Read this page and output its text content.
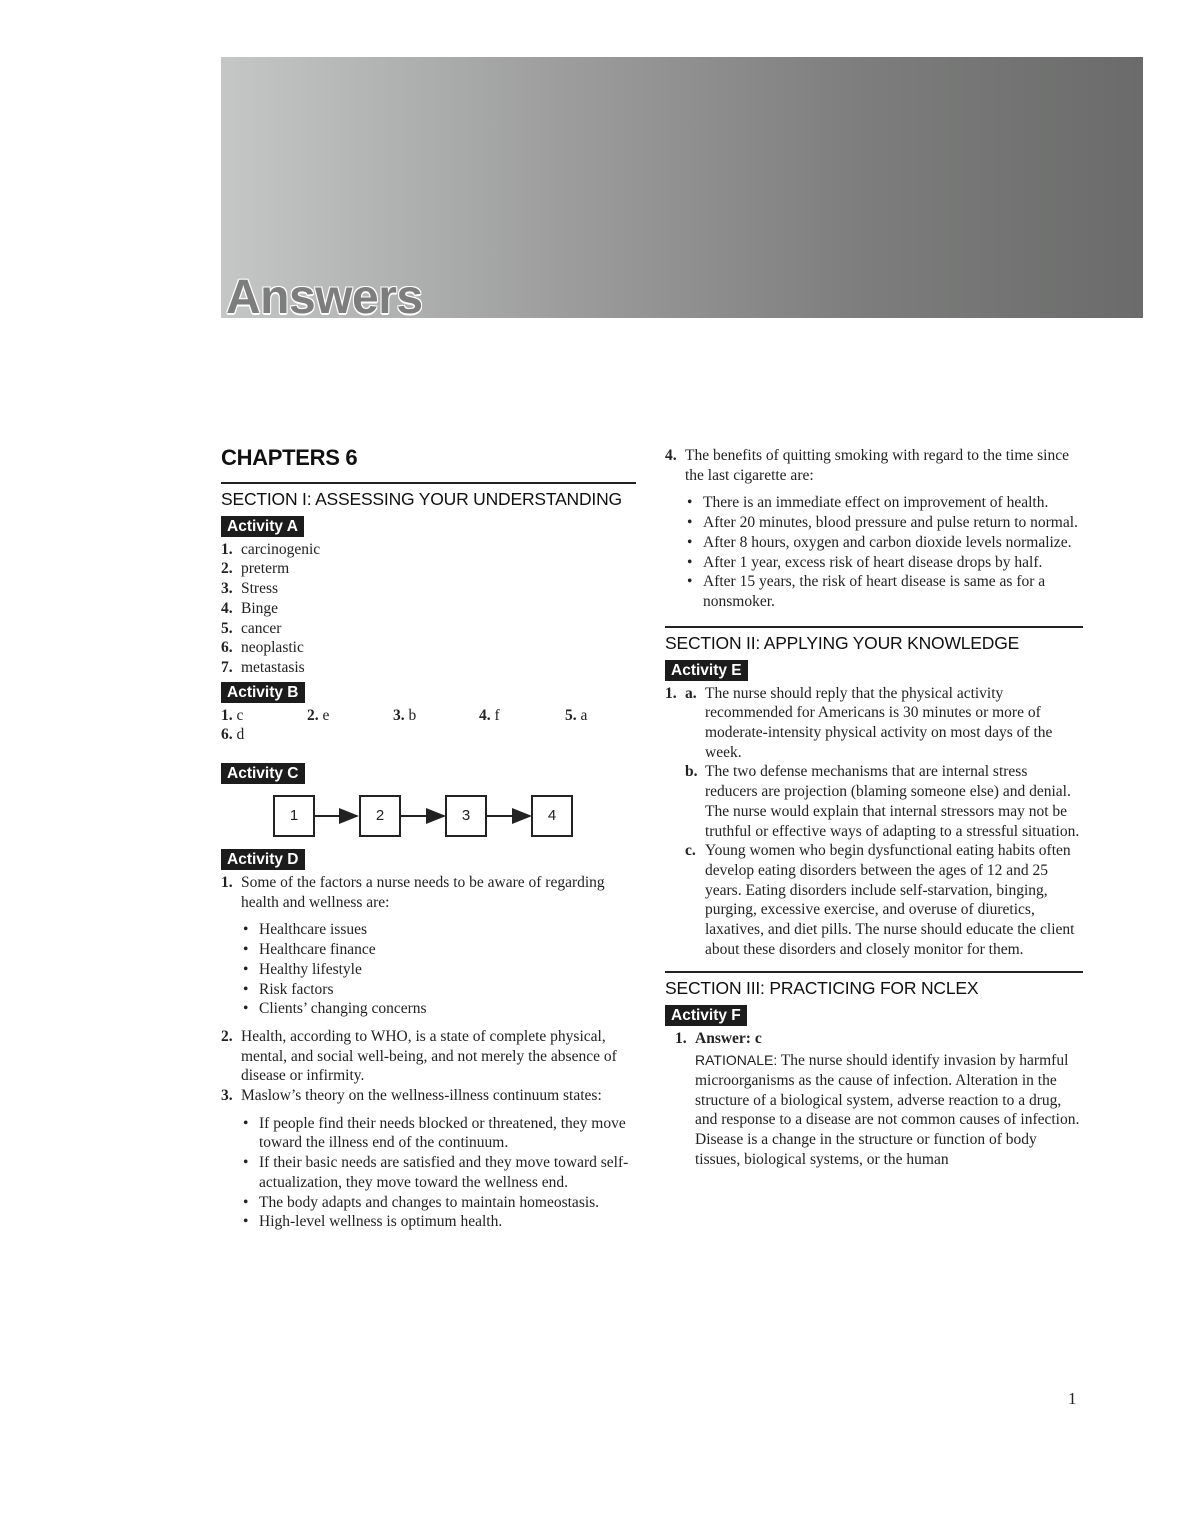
Answers
CHAPTERS 6
SECTION I: ASSESSING YOUR UNDERSTANDING
Activity A
1. carcinogenic
2. preterm
3. Stress
4. Binge
5. cancer
6. neoplastic
7. metastasis
Activity B
1. c	2. e	3. b	4. f	5. a
6. d
Activity C
1	2	3	4
Activity D
1. Some of the factors a nurse needs to be aware of regarding health and wellness are:
• Healthcare issues
• Healthcare finance
• Healthy lifestyle
• Risk factors
• Clients’ changing concerns
2. Health, according to WHO, is a state of complete physical, mental, and social well-being, and not merely the absence of disease or infirmity.
3. Maslow’s theory on the wellness-illness continuum states:
• If people find their needs blocked or threatened, they move toward the illness end of the continuum.
• If their basic needs are satisfied and they move toward self-actualization, they move toward the wellness end.
• The body adapts and changes to maintain homeostasis.
• High-level wellness is optimum health.
4. The benefits of quitting smoking with regard to the time since the last cigarette are:
• There is an immediate effect on improvement of health.
• After 20 minutes, blood pressure and pulse return to normal.
• After 8 hours, oxygen and carbon dioxide levels normalize.
• After 1 year, excess risk of heart disease drops by half.
• After 15 years, the risk of heart disease is same as for a nonsmoker.
SECTION II: APPLYING YOUR KNOWLEDGE
Activity E
1. a. The nurse should reply that the physical activity recommended for Americans is 30 minutes or more of moderate-intensity physical activity on most days of the week.
b. The two defense mechanisms that are internal stress reducers are projection (blaming someone else) and denial. The nurse would explain that internal stressors may not be truthful or effective ways of adapting to a stressful situation.
c. Young women who begin dysfunctional eating habits often develop eating disorders between the ages of 12 and 25 years. Eating disorders include self-starvation, binging, purging, excessive exercise, and overuse of diuretics, laxatives, and diet pills. The nurse should educate the client about these disorders and closely monitor for them.
SECTION III: PRACTICING FOR NCLEX
Activity F
1. Answer: c
RATIONALE: The nurse should identify invasion by harmful microorganisms as the cause of infection. Alteration in the structure of a biological system, adverse reaction to a drug, and response to a disease are not common causes of infection. Disease is a change in the structure or function of body tissues, biological systems, or the human
1
